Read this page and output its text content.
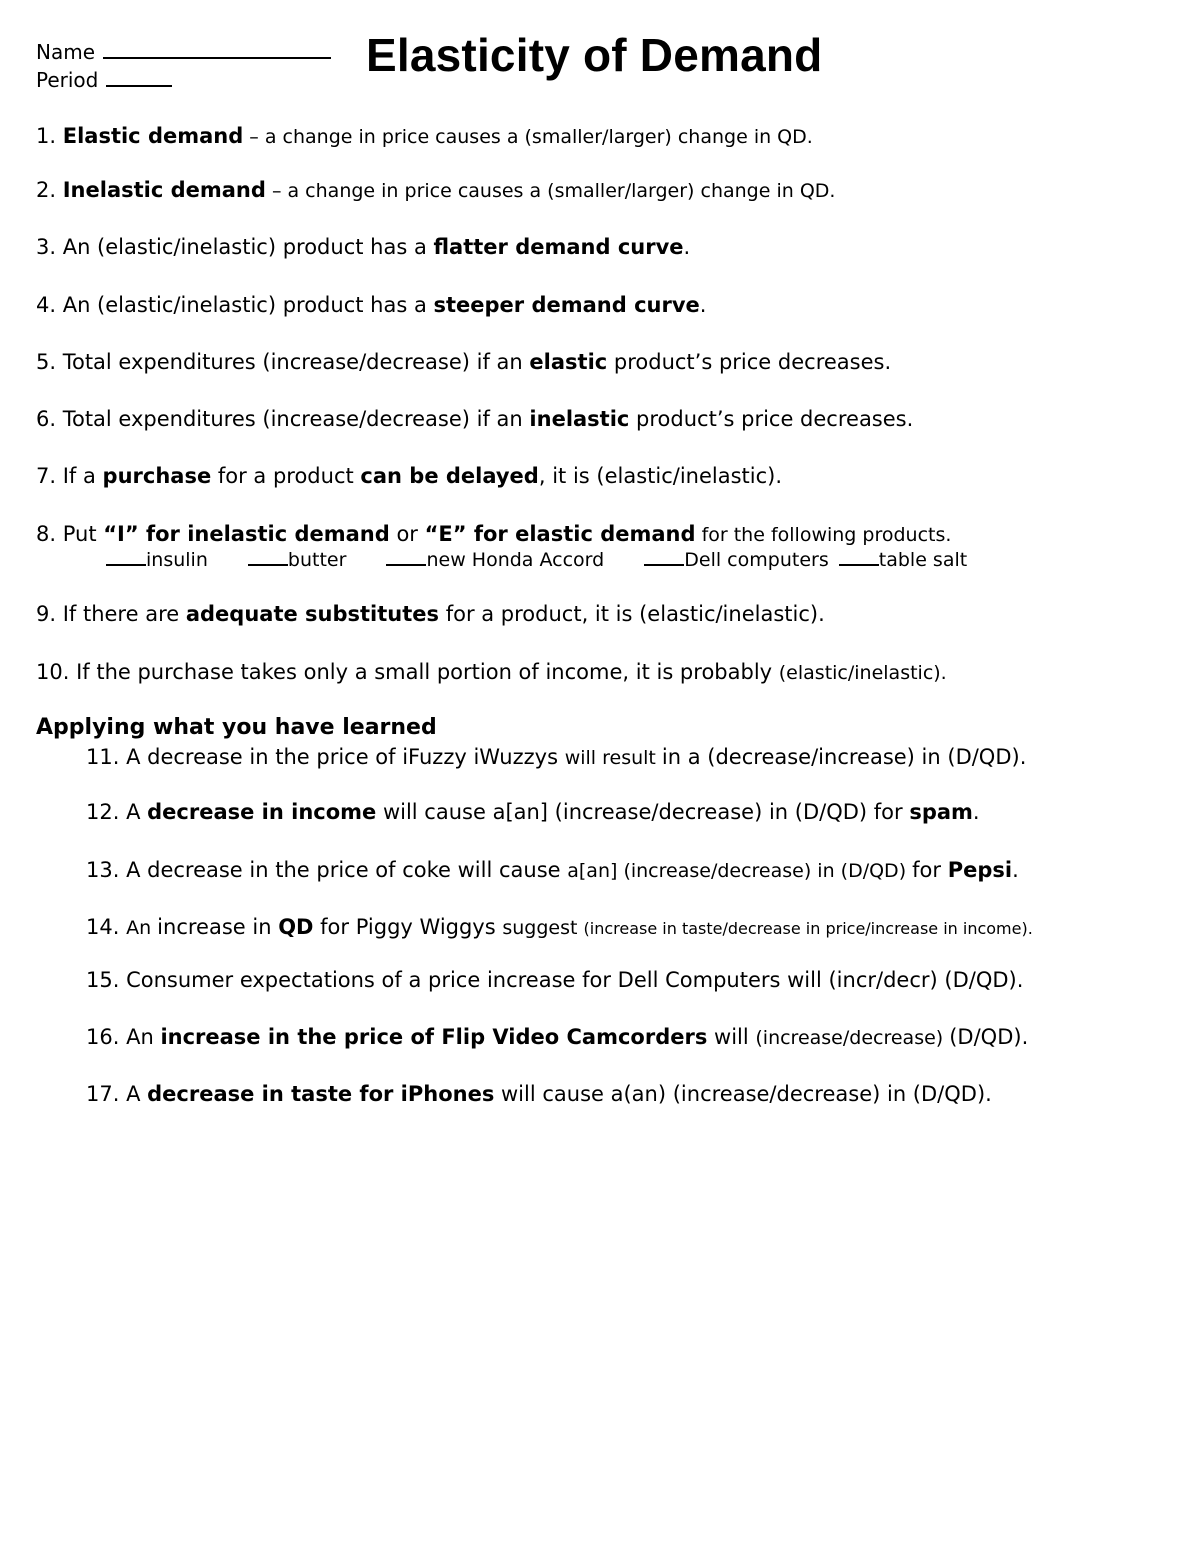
Name
Period	Elasticity of Demand
1. Elastic demand – a change in price causes a (smaller/larger) change in QD.
2. Inelastic demand – a change in price causes a (smaller/larger) change in QD.
3. An (elastic/inelastic) product has a flatter demand curve.
4. An (elastic/inelastic) product has a steeper demand curve.
5. Total expenditures (increase/decrease) if an elastic product’s price decreases.
6. Total expenditures (increase/decrease) if an inelastic product’s price decreases.
7. If a purchase for a product can be delayed, it is (elastic/inelastic).
8. Put “I” for inelastic demand or “E” for elastic demand for the following products.
insulin	butter	new Honda Accord	Dell computers	table salt
9. If there are adequate substitutes for a product, it is (elastic/inelastic).
10. If the purchase takes only a small portion of income, it is probably (elastic/inelastic).
Applying what you have learned
11. A decrease in the price of iFuzzy iWuzzys will result in a (decrease/increase) in (D/QD).
12. A decrease in income will cause a[an] (increase/decrease) in (D/QD) for spam.
13. A decrease in the price of coke will cause a[an] (increase/decrease) in (D/QD) for Pepsi.
14. An increase in QD for Piggy Wiggys suggest (increase in taste/decrease in price/increase in income).
15. Consumer expectations of a price increase for Dell Computers will (incr/decr) (D/QD).
16. An increase in the price of Flip Video Camcorders will (increase/decrease) (D/QD).
17. A decrease in taste for iPhones will cause a(an) (increase/decrease) in (D/QD).
